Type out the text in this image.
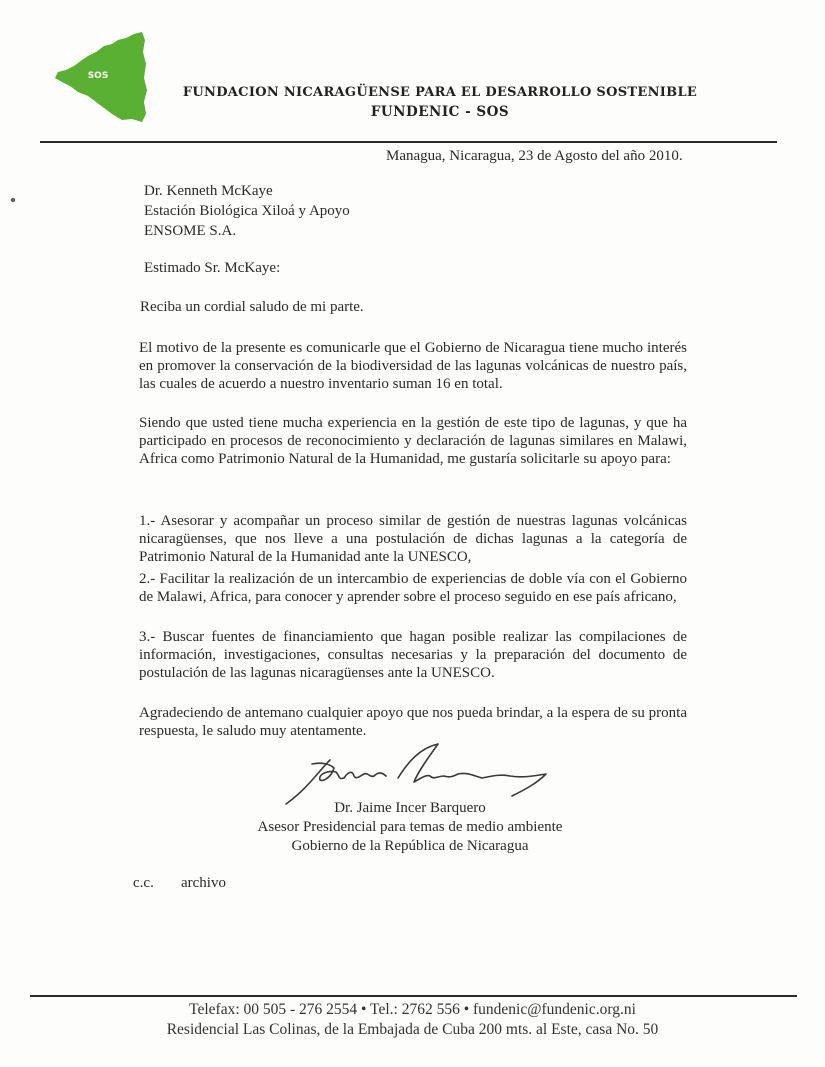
SOS
FUNDACION NICARAGÜENSE PARA EL DESARROLLO SOSTENIBLE
FUNDENIC - SOS
Managua, Nicaragua, 23 de Agosto del año 2010.
Dr. Kenneth McKaye
Estación Biológica Xiloá y Apoyo
ENSOME S.A.
Estimado Sr. McKaye:
Reciba un cordial saludo de mi parte.

El motivo de la presente es comunicarle que el Gobierno de Nicaragua tiene mucho interés en promover la conservación de la biodiversidad de las lagunas volcánicas de nuestro país, las cuales de acuerdo a nuestro inventario suman 16 en total.

Siendo que usted tiene mucha experiencia en la gestión de este tipo de lagunas, y que ha participado en procesos de reconocimiento y declaración de lagunas similares en Malawi, Africa como Patrimonio Natural de la Humanidad, me gustaría solicitarle su apoyo para:

1.- Asesorar y acompañar un proceso similar de gestión de nuestras lagunas volcánicas nicaragüenses, que nos lleve a una postulación de dichas lagunas a la categoría de Patrimonio Natural de la Humanidad ante la UNESCO,

2.- Facilitar la realización de un intercambio de experiencias de doble vía con el Gobierno de Malawi, Africa, para conocer y aprender sobre el proceso seguido en ese país africano,

3.- Buscar fuentes de financiamiento que hagan posible realizar las compilaciones de información, investigaciones, consultas necesarias y la preparación del documento de postulación de las lagunas nicaragüenses ante la UNESCO.

Agradeciendo de antemano cualquier apoyo que nos pueda brindar, a la espera de su pronta respuesta, le saludo muy atentamente.

Dr. Jaime Incer Barquero
Asesor Presidencial para temas de medio ambiente
Gobierno de la República de Nicaragua
c.c. archivo
Telefax: 00 505 - 276 2554 • Tel.: 2762 556 • fundenic@fundenic.org.ni
Residencial Las Colinas, de la Embajada de Cuba 200 mts. al Este, casa No. 50
